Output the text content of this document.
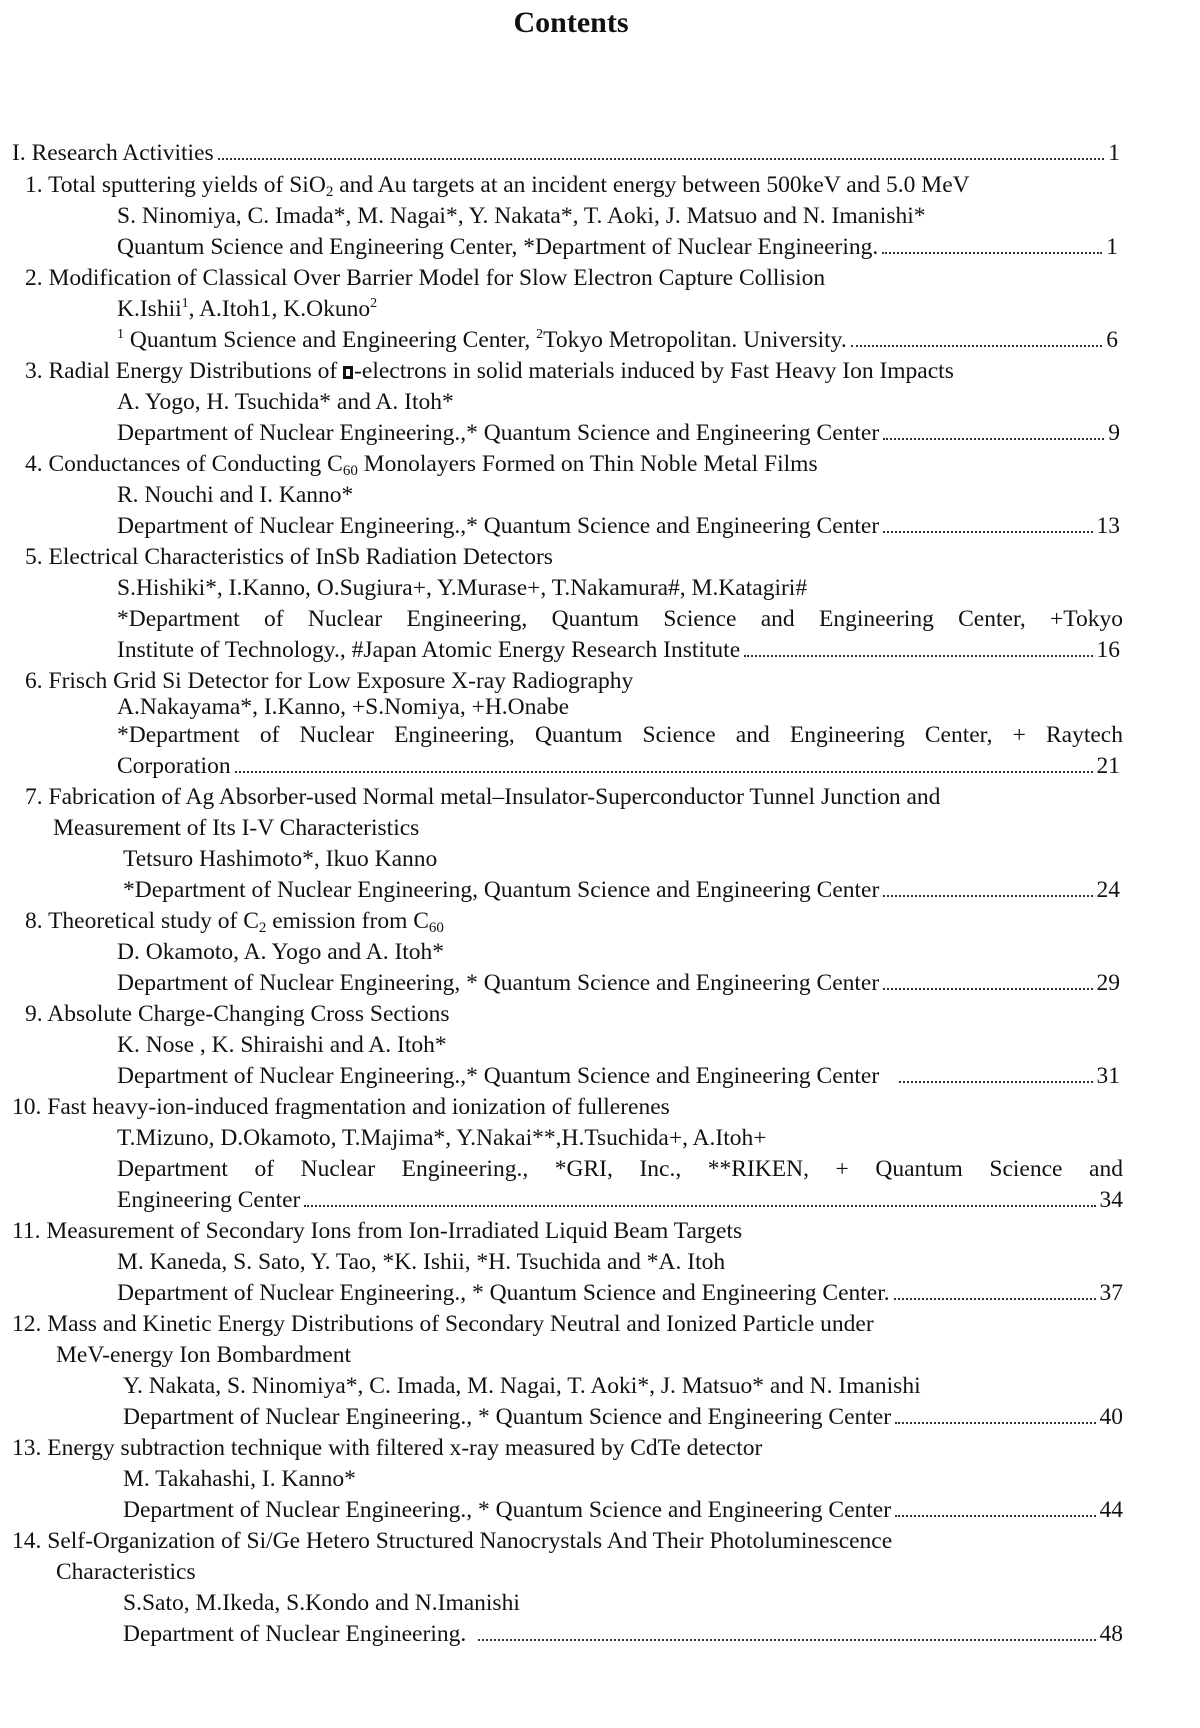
Contents
I. Research Activities	1
1. Total sputtering yields of SiO$_2$ and Au targets at an incident energy between 500keV and 5.0 MeV
S. Ninomiya, C. Imada*, M. Nagai*, Y. Nakata*, T. Aoki, J. Matsuo and N. Imanishi*
Quantum Science and Engineering Center, *Department of Nuclear Engineering.	1
2. Modification of Classical Over Barrier Model for Slow Electron Capture Collision
K.Ishii$^1$, A.Itoh1, K.Okuno$^2$
$^1$ Quantum Science and Engineering Center, $^2$Tokyo Metropolitan. University.	6
3. Radial Energy Distributions of -electrons in solid materials induced by Fast Heavy Ion Impacts
A. Yogo, H. Tsuchida* and A. Itoh*
Department of Nuclear Engineering.,* Quantum Science and Engineering Center	9
4. Conductances of Conducting $C_{60}$ Monolayers Formed on Thin Noble Metal Films
R. Nouchi and I. Kanno*
Department of Nuclear Engineering.,* Quantum Science and Engineering Center	13
5. Electrical Characteristics of InSb Radiation Detectors
S.Hishiki*, I.Kanno, O.Sugiura+, Y.Murase+, T.Nakamura#, M.Katagiri#
*Department of Nuclear Engineering, Quantum Science and Engineering Center, +Tokyo
Institute of Technology., #Japan Atomic Energy Research Institute	16
6. Frisch Grid Si Detector for Low Exposure X-ray Radiography
A.Nakayama*, I.Kanno, +S.Nomiya, +H.Onabe
*Department of Nuclear Engineering, Quantum Science and Engineering Center, + Raytech
Corporation	21
7. Fabrication of Ag Absorber-used Normal metal–Insulator-Superconductor Tunnel Junction and
Measurement of Its I-V Characteristics
Tetsuro Hashimoto*, Ikuo Kanno
*Department of Nuclear Engineering, Quantum Science and Engineering Center	24
8. Theoretical study of $C_2$ emission from $C_{60}$
D. Okamoto, A. Yogo and A. Itoh*
Department of Nuclear Engineering, * Quantum Science and Engineering Center	29
9. Absolute Charge-Changing Cross Sections
K. Nose , K. Shiraishi and A. Itoh*
Department of Nuclear Engineering.,* Quantum Science and Engineering Center	31
10. Fast heavy-ion-induced fragmentation and ionization of fullerenes
T.Mizuno, D.Okamoto, T.Majima*, Y.Nakai**,H.Tsuchida+, A.Itoh+
Department of Nuclear Engineering., *GRI, Inc., **RIKEN, + Quantum Science and
Engineering Center	34
11. Measurement of Secondary Ions from Ion-Irradiated Liquid Beam Targets
M. Kaneda, S. Sato, Y. Tao, *K. Ishii, *H. Tsuchida and *A. Itoh
Department of Nuclear Engineering., * Quantum Science and Engineering Center.	37
12. Mass and Kinetic Energy Distributions of Secondary Neutral and Ionized Particle under
MeV-energy Ion Bombardment
Y. Nakata, S. Ninomiya*, C. Imada, M. Nagai, T. Aoki*, J. Matsuo* and N. Imanishi
Department of Nuclear Engineering., * Quantum Science and Engineering Center	40
13. Energy subtraction technique with filtered x-ray measured by CdTe detector
M. Takahashi, I. Kanno*
Department of Nuclear Engineering., * Quantum Science and Engineering Center	44
14. Self-Organization of Si/Ge Hetero Structured Nanocrystals And Their Photoluminescence
Characteristics
S.Sato, M.Ikeda, S.Kondo and N.Imanishi
Department of Nuclear Engineering.	48
